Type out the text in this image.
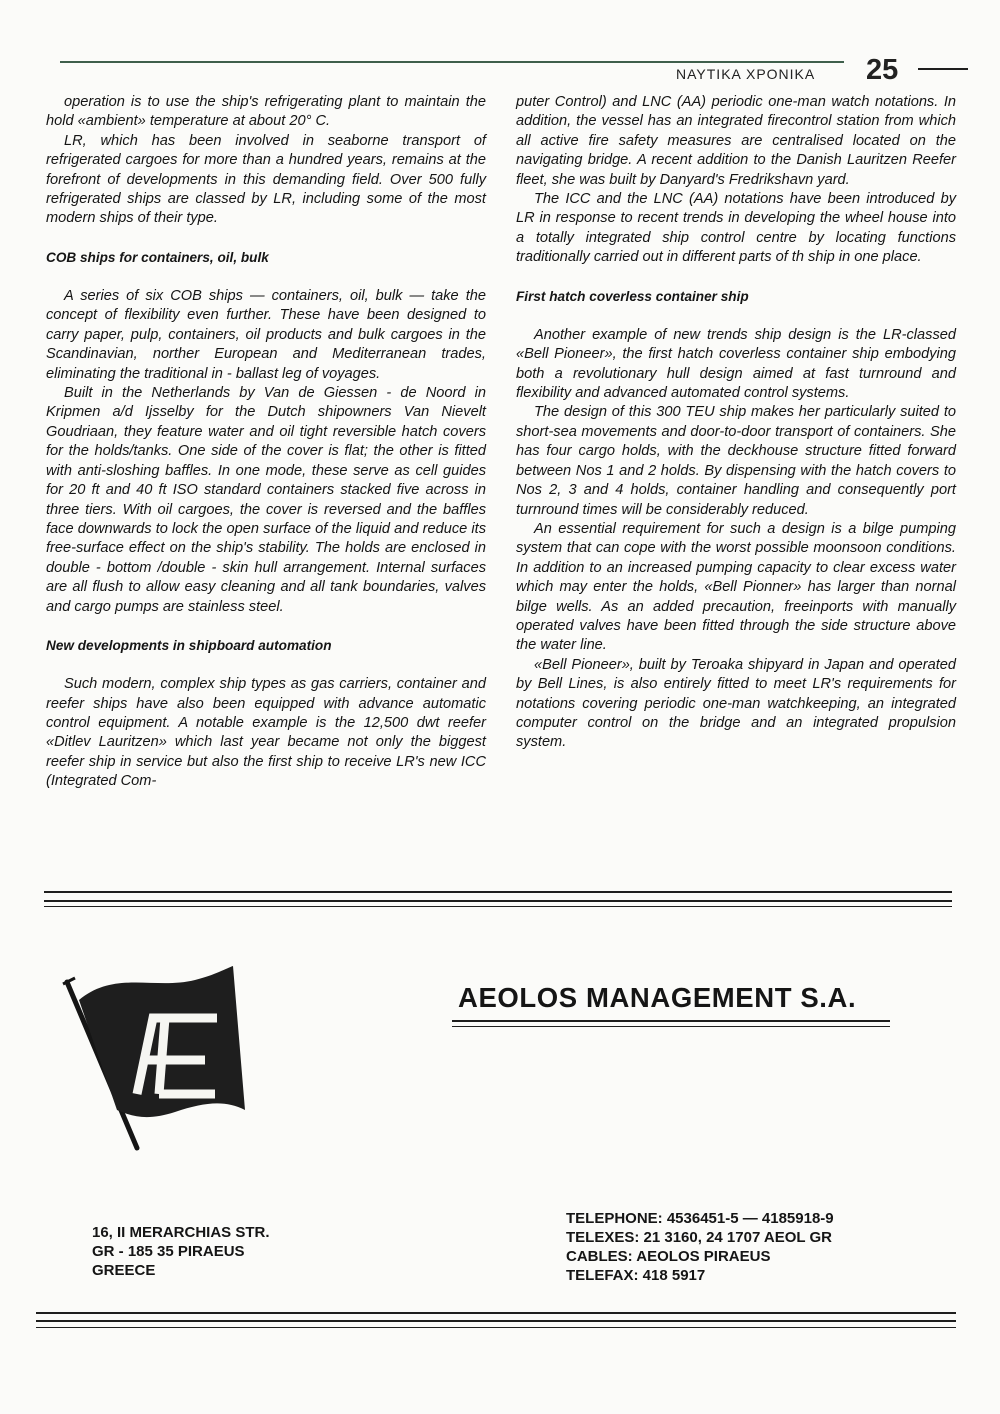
ΝΑΥΤΙΚΑ ΧΡΟΝΙΚΑ 25

operation is to use the ship's refrigerating plant to maintain the hold «ambient» temperature at about 20° C.

LR, which has been involved in seaborne transport of refrigerated cargoes for more than a hundred years, remains at the forefront of developments in this demanding field. Over 500 fully refrigerated ships are classed by LR, including some of the most modern ships of their type.

COB ships for containers, oil, bulk

A series of six COB ships — containers, oil, bulk — take the concept of flexibility even further. These have been designed to carry paper, pulp, containers, oil products and bulk cargoes in the Scandinavian, norther European and Mediterranean trades, eliminating the traditional in - ballast leg of voyages.

Built in the Netherlands by Van de Giessen - de Noord in Kripmen a/d Ijsselby for the Dutch shipowners Van Nievelt Goudriaan, they feature water and oil tight reversible hatch covers for the holds/tanks. One side of the cover is flat; the other is fitted with anti-sloshing baffles. In one mode, these serve as cell guides for 20 ft and 40 ft ISO standard containers stacked five across in three tiers. With oil cargoes, the cover is reversed and the baffles face downwards to lock the open surface of the liquid and reduce its free-surface effect on the ship's stability. The holds are enclosed in double - bottom /double - skin hull arrangement. Internal surfaces are all flush to allow easy cleaning and all tank boundaries, valves and cargo pumps are stainless steel.

New developments in shipboard automation

Such modern, complex ship types as gas carriers, container and reefer ships have also been equipped with advance automatic control equipment. A notable example is the 12,500 dwt reefer «Ditlev Lauritzen» which last year became not only the biggest reefer ship in service but also the first ship to receive LR's new ICC (Integrated Com-

puter Control) and LNC (AA) periodic one-man watch notations. In addition, the vessel has an integrated firecontrol station from which all active fire safety measures are centralised located on the navigating bridge. A recent addition to the Danish Lauritzen Reefer fleet, she was built by Danyard's Fredrikshavn yard.

The ICC and the LNC (AA) notations have been introduced by LR in response to recent trends in developing the wheel house into a totally integrated ship control centre by locating functions traditionally carried out in different parts of th ship in one place.

First hatch coverless container ship

Another example of new trends ship design is the LR-classed «Bell Pioneer», the first hatch coverless container ship embodying both a revolutionary hull design aimed at fast turnround and flexibility and advanced automated control systems.

The design of this 300 TEU ship makes her particularly suited to short-sea movements and door-to-door transport of containers. She has four cargo holds, with the deckhouse structure fitted forward between Nos 1 and 2 holds. By dispensing with the hatch covers to Nos 2, 3 and 4 holds, container handling and consequently port turnround times will be considerably reduced.

An essential requirement for such a design is a bilge pumping system that can cope with the worst possible moonsoon conditions. In addition to an increased pumping capacity to clear excess water which may enter the holds, «Bell Pionner» has larger than nornal bilge wells. As an added precaution, freeinports with manually operated valves have been fitted through the side structure above the water line.

«Bell Pioneer», built by Teroaka shipyard in Japan and operated by Bell Lines, is also entirely fitted to meet LR's requirements for notations covering periodic one-man watchkeeping, an integrated computer control on the bridge and an integrated propulsion system.

AEOLOS MANAGEMENT S.A.
16, II MERARCHIAS STR.
GR - 185 35 PIRAEUS
GREECE
TELEPHONE: 4536451-5 — 4185918-9
TELEXES: 21 3160, 24 1707 AEOL GR
CABLES: AEOLOS PIRAEUS
TELEFAX: 418 5917
